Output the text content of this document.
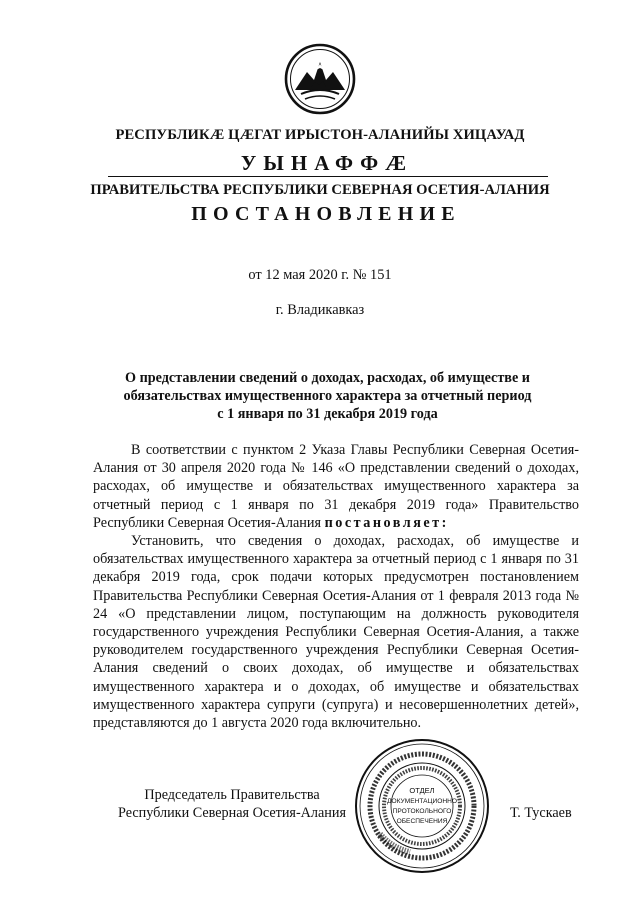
РЕСПУБЛИКӔ ЦӔГАТ ИРЫСТОН-АЛАНИЙЫ ХИЦАУАД
УЫНАФФӔ
ПРАВИТЕЛЬСТВА РЕСПУБЛИКИ СЕВЕРНАЯ ОСЕТИЯ-АЛАНИЯ
ПОСТАНОВЛЕНИЕ
от 12 мая 2020 г. № 151
г. Владикавказ
О представлении сведений о доходах, расходах, об имуществе и
обязательствах имущественного характера за отчетный период
с 1 января по 31 декабря 2019 года

В соответствии с пунктом 2 Указа Главы Республики Северная Осетия-Алания от 30 апреля 2020 года № 146 «О представлении сведений о доходах, расходах, об имуществе и обязательствах имущественного характера за отчетный период с 1 января по 31 декабря 2019 года» Правительство Республики Северная Осетия-Алания постановляет:

Установить, что сведения о доходах, расходах, об имуществе и обязательствах имущественного характера за отчетный период с 1 января по 31 декабря 2019 года, срок подачи которых предусмотрен постановлением Правительства Республики Северная Осетия-Алания от 1 февраля 2013 года № 24 «О представлении лицом, поступающим на должность руководителя государственного учреждения Республики Северная Осетия-Алания, а также руководителем государственного учреждения Республики Северная Осетия-Алания сведений о своих доходах, об имуществе и обязательствах имущественного характера и о доходах, об имуществе и обязательствах имущественного характера супруги (супруга) и несовершеннолетних детей», представляются до 1 августа 2020 года включительно.

Председатель Правительства
Республики Северная Осетия-Алания
ОТДЕЛ
ДОКУМЕНТАЦИОННО
ПРОТОКОЛЬНОГО
ОБЕСПЕЧЕНИЯ
Т. Тускаев
